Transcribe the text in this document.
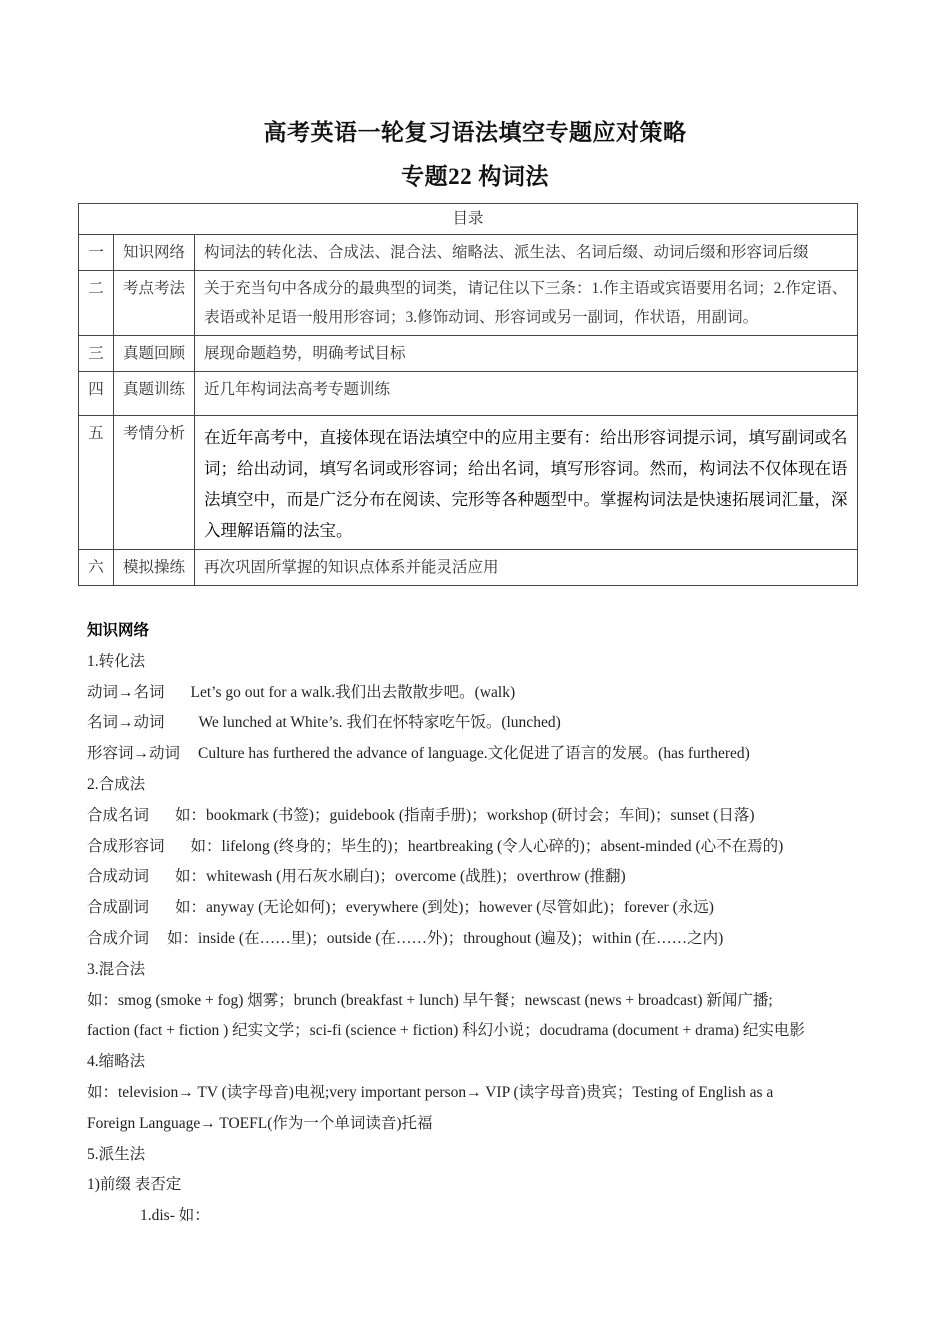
高考英语一轮复习语法填空专题应对策略
专题22 构词法
目录		
一	知识网络	构词法的转化法、合成法、混合法、缩略法、派生法、名词后缀、动词后缀和形容词后缀
二	考点考法	关于充当句中各成分的最典型的词类，请记住以下三条：1.作主语或宾语要用名词；2.作定语、表语或补足语一般用形容词；3.修饰动词、形容词或另一副词，作状语，用副词。
三	真题回顾	展现命题趋势，明确考试目标
四	真题训练	近几年构词法高考专题训练
五	考情分析	在近年高考中，直接体现在语法填空中的应用主要有：给出形容词提示词，填写副词或名词；给出动词，填写名词或形容词；给出名词，填写形容词。然而，构词法不仅体现在语法填空中，而是广泛分布在阅读、完形等各种题型中。掌握构词法是快速拓展词汇量，深入理解语篇的法宝。
六	模拟操练	再次巩固所掌握的知识点体系并能灵活应用
知识网络
1.转化法
动词→名词 Let’s go out for a walk.我们出去散散步吧。(walk)
名词→动词 We lunched at White’s. 我们在怀特家吃午饭。(lunched)
形容词→动词 Culture has furthered the advance of language.文化促进了语言的发展。(has furthered)
2.合成法
合成名词 如：bookmark (书签)；guidebook (指南手册)；workshop (研讨会；车间)；sunset (日落)
合成形容词 如：lifelong (终身的；毕生的)；heartbreaking (令人心碎的)；absent-minded (心不在焉的)
合成动词 如：whitewash (用石灰水刷白)；overcome (战胜)；overthrow (推翻)
合成副词 如：anyway (无论如何)；everywhere (到处)；however (尽管如此)；forever (永远)
合成介词 如：inside (在……里)；outside (在……外)；throughout (遍及)；within (在……之内)
3.混合法
如：smog (smoke + fog) 烟雾；brunch (breakfast + lunch) 早午餐；newscast (news + broadcast) 新闻广播;
faction (fact + fiction ) 纪实文学；sci-fi (science + fiction) 科幻小说；docudrama (document + drama) 纪实电影
4.缩略法
如：television→ TV (读字母音)电视;very important person→ VIP (读字母音)贵宾；Testing of English as a
Foreign Language→ TOEFL(作为一个单词读音)托福
5.派生法
1)前缀 表否定
1.dis- 如：
